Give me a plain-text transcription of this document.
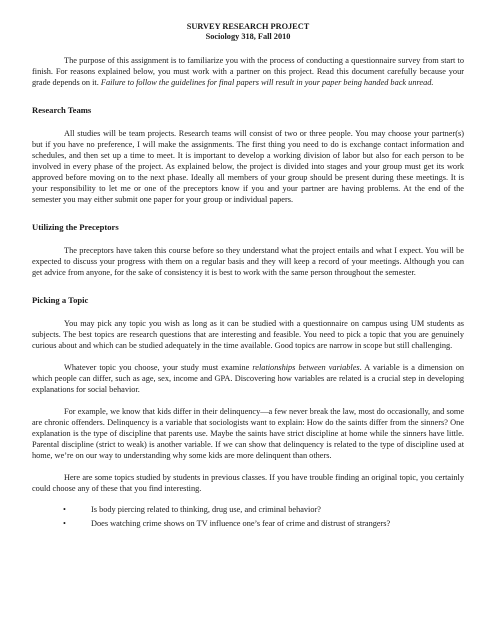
SURVEY RESEARCH PROJECT
Sociology 318, Fall 2010

The purpose of this assignment is to familiarize you with the process of conducting a questionnaire survey from start to finish. For reasons explained below, you must work with a partner on this project. Read this document carefully because your grade depends on it. Failure to follow the guidelines for final papers will result in your paper being handed back unread.

Research Teams

All studies will be team projects. Research teams will consist of two or three people. You may choose your partner(s) but if you have no preference, I will make the assignments. The first thing you need to do is exchange contact information and schedules, and then set up a time to meet. It is important to develop a working division of labor but also for each person to be involved in every phase of the project. As explained below, the project is divided into stages and your group must get its work approved before moving on to the next phase. Ideally all members of your group should be present during these meetings. It is your responsibility to let me or one of the preceptors know if you and your partner are having problems. At the end of the semester you may either submit one paper for your group or individual papers.

Utilizing the Preceptors

The preceptors have taken this course before so they understand what the project entails and what I expect. You will be expected to discuss your progress with them on a regular basis and they will keep a record of your meetings. Although you can get advice from anyone, for the sake of consistency it is best to work with the same person throughout the semester.

Picking a Topic

You may pick any topic you wish as long as it can be studied with a questionnaire on campus using UM students as subjects. The best topics are research questions that are interesting and feasible. You need to pick a topic that you are genuinely curious about and which can be studied adequately in the time available. Good topics are narrow in scope but still challenging.

Whatever topic you choose, your study must examine relationships between variables. A variable is a dimension on which people can differ, such as age, sex, income and GPA. Discovering how variables are related is a crucial step in developing explanations for social behavior.

For example, we know that kids differ in their delinquency—a few never break the law, most do occasionally, and some are chronic offenders. Delinquency is a variable that sociologists want to explain: How do the saints differ from the sinners? One explanation is the type of discipline that parents use. Maybe the saints have strict discipline at home while the sinners have little. Parental discipline (strict to weak) is another variable. If we can show that delinquency is related to the type of discipline used at home, we’re on our way to understanding why some kids are more delinquent than others.

Here are some topics studied by students in previous classes. If you have trouble finding an original topic, you certainly could choose any of these that you find interesting.

•	Is body piercing related to thinking, drug use, and criminal behavior?
•	Does watching crime shows on TV influence one’s fear of crime and distrust of strangers?
